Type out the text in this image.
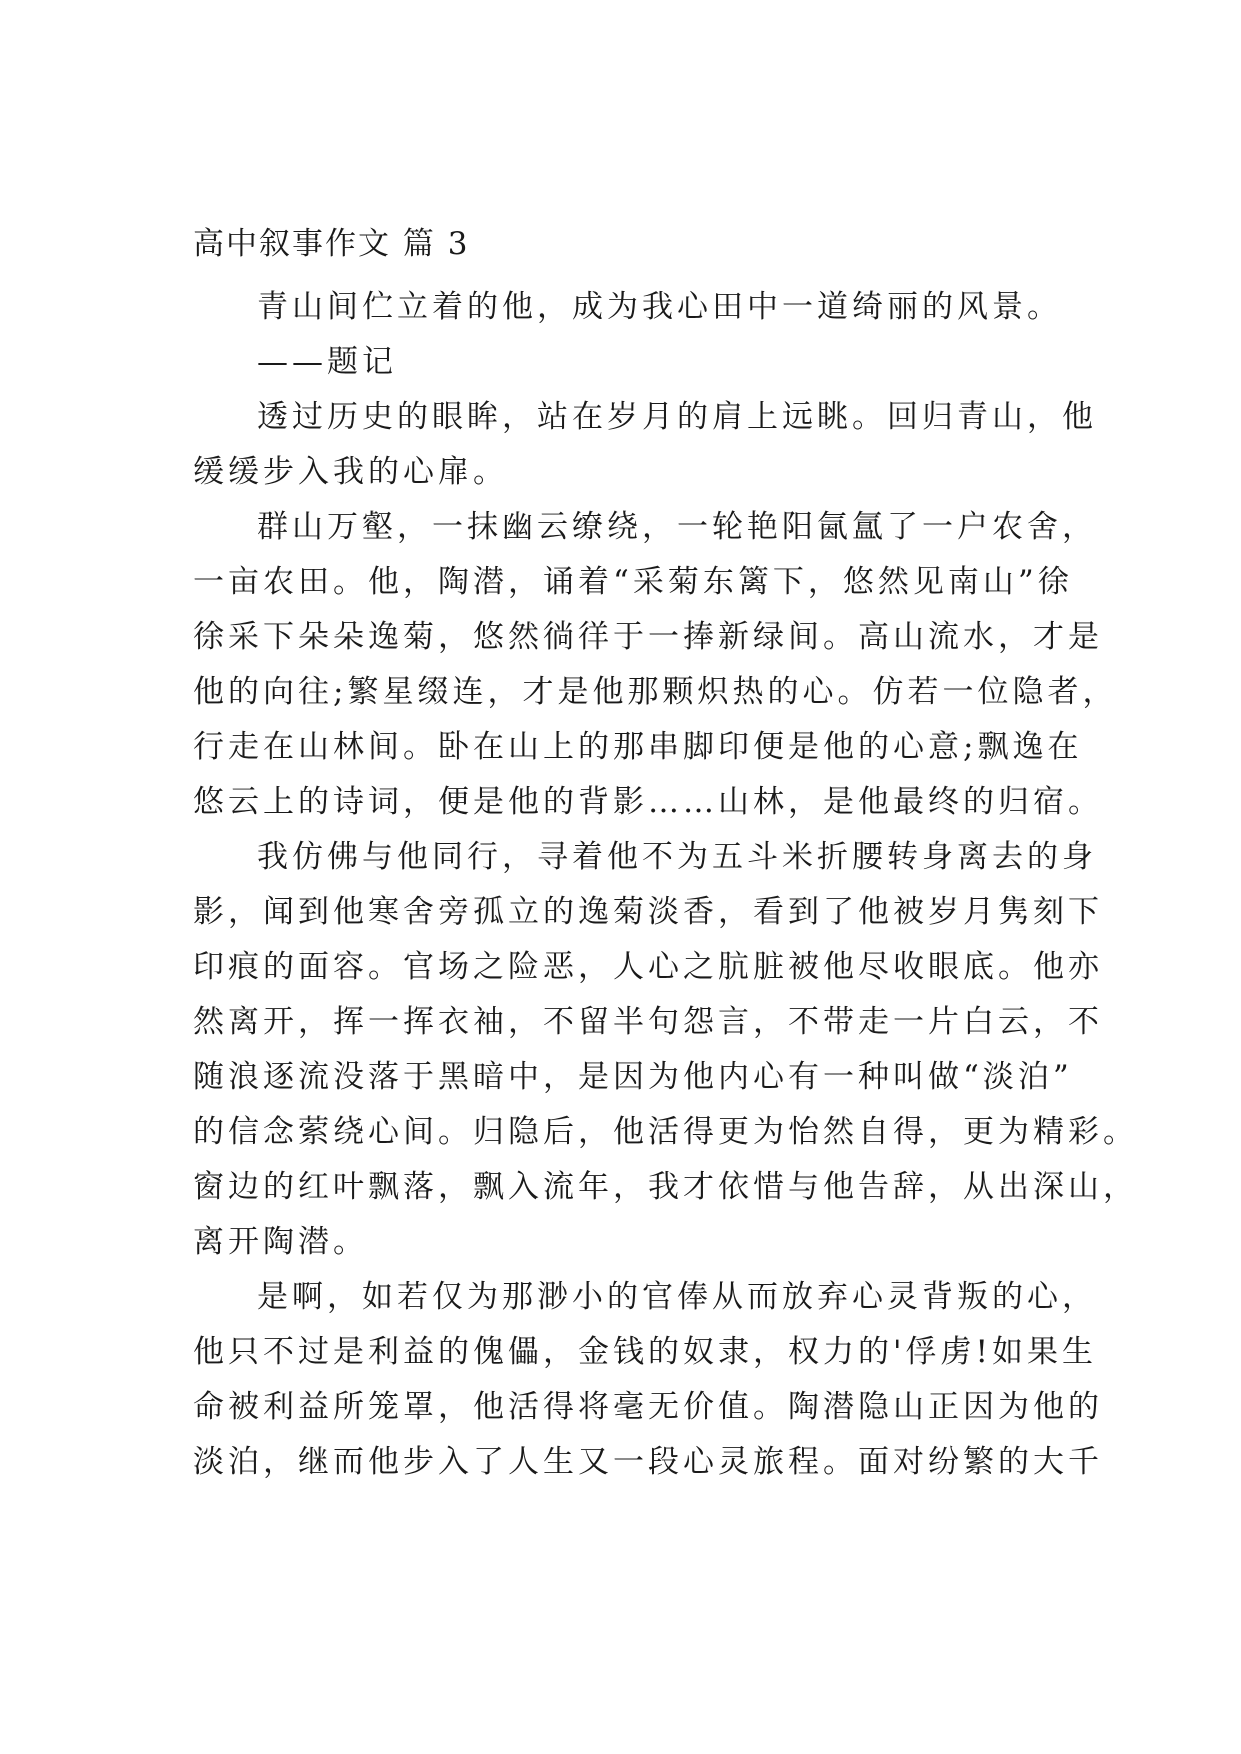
高中叙事作文 篇 3
青山间伫立着的他，成为我心田中一道绮丽的风景。
——题记
透过历史的眼眸，站在岁月的肩上远眺。回归青山，他
缓缓步入我的心扉。
群山万壑，一抹幽云缭绕，一轮艳阳氤氲了一户农舍，
一亩农田。他，陶潜，诵着“采菊东篱下，悠然见南山”徐
徐采下朵朵逸菊，悠然徜徉于一捧新绿间。高山流水，才是
他的向往;繁星缀连，才是他那颗炽热的心。仿若一位隐者，
行走在山林间。卧在山上的那串脚印便是他的心意;飘逸在
悠云上的诗词，便是他的背影……山林，是他最终的归宿。
我仿佛与他同行，寻着他不为五斗米折腰转身离去的身
影，闻到他寒舍旁孤立的逸菊淡香，看到了他被岁月隽刻下
印痕的面容。官场之险恶，人心之肮脏被他尽收眼底。他亦
然离开，挥一挥衣袖，不留半句怨言，不带走一片白云，不
随浪逐流没落于黑暗中，是因为他内心有一种叫做“淡泊”
的信念萦绕心间。归隐后，他活得更为怡然自得，更为精彩。
窗边的红叶飘落，飘入流年，我才依惜与他告辞，从出深山，
离开陶潜。
是啊，如若仅为那渺小的官俸从而放弃心灵背叛的心，
他只不过是利益的傀儡，金钱的奴隶，权力的'俘虏!如果生
命被利益所笼罩，他活得将毫无价值。陶潜隐山正因为他的
淡泊，继而他步入了人生又一段心灵旅程。面对纷繁的大千
